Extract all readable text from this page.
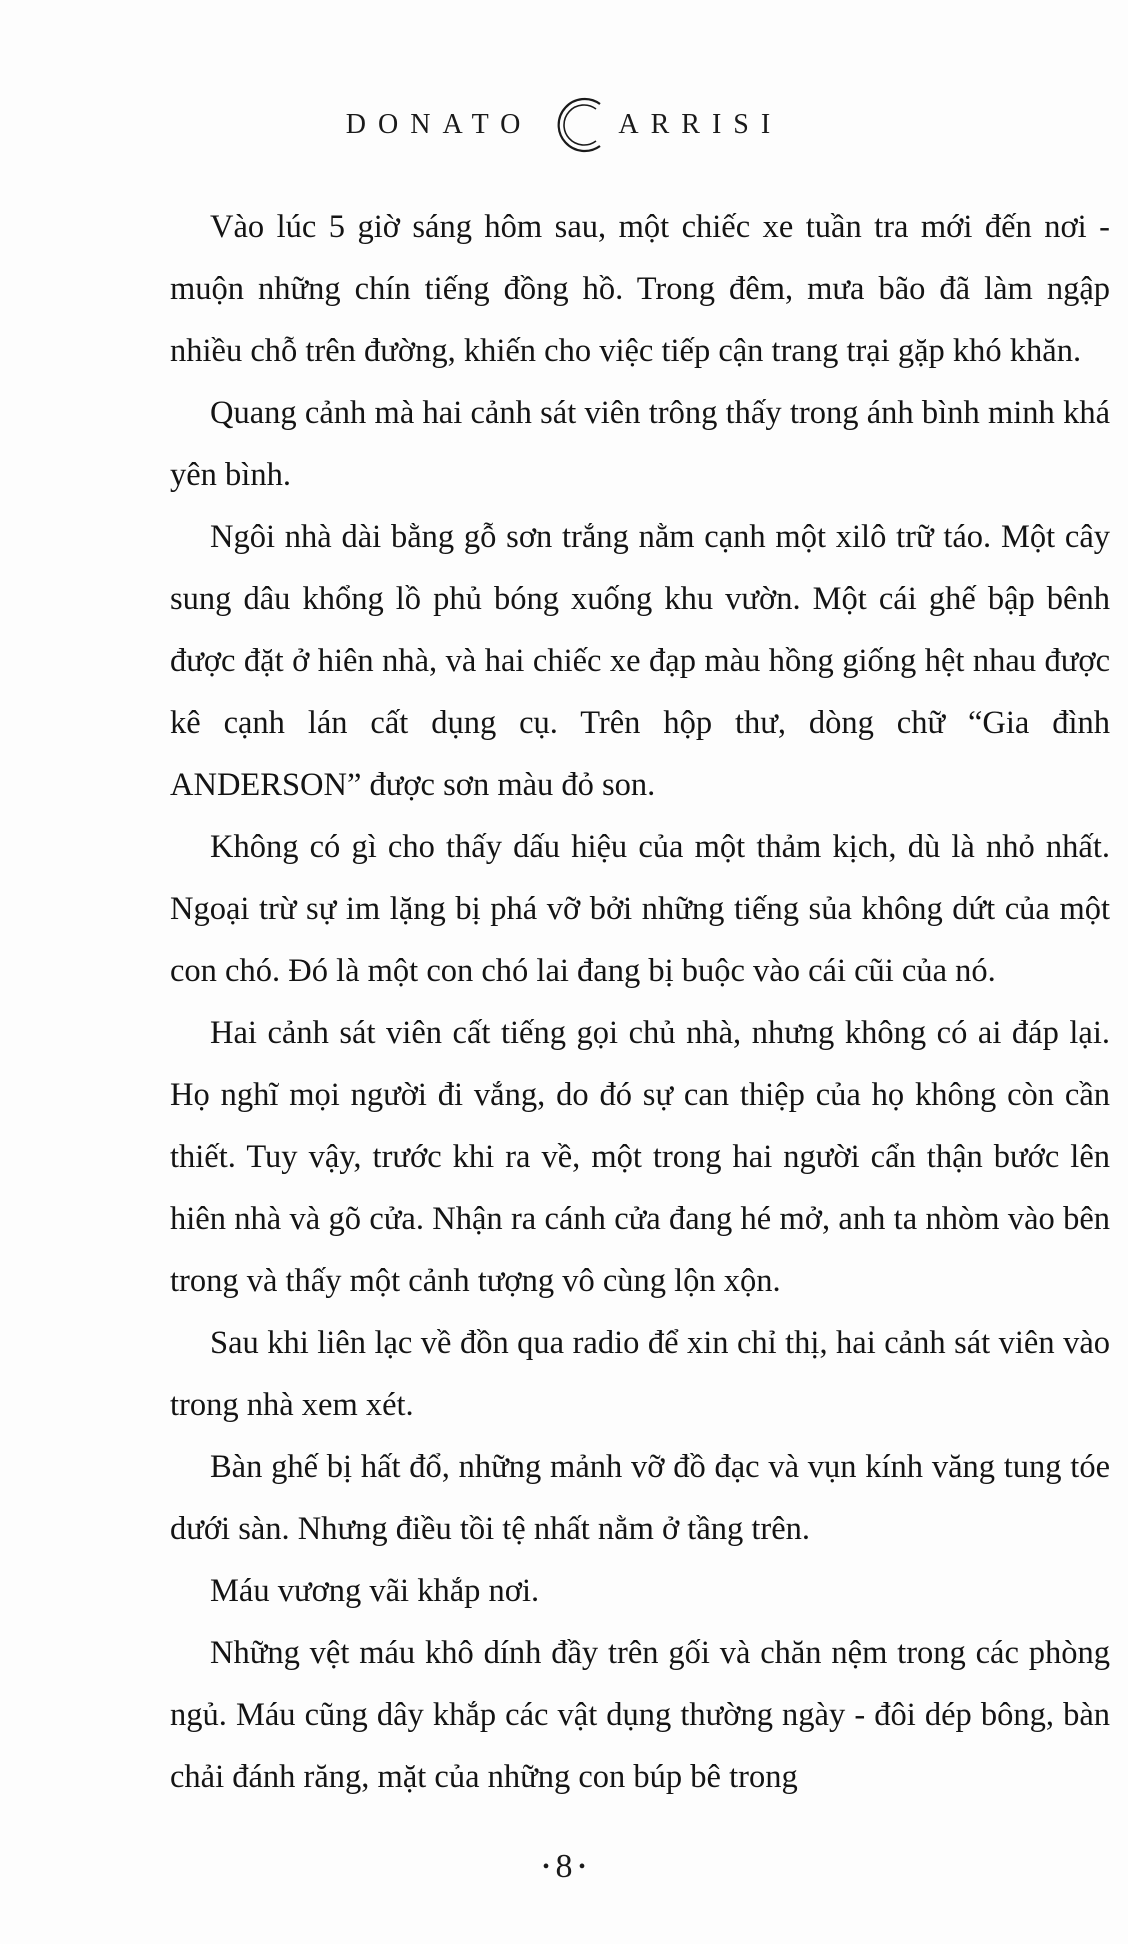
DONATO	ARRISI

Vào lúc 5 giờ sáng hôm sau, một chiếc xe tuần tra mới đến nơi - muộn những chín tiếng đồng hồ. Trong đêm, mưa bão đã làm ngập nhiều chỗ trên đường, khiến cho việc tiếp cận trang trại gặp khó khăn.

Quang cảnh mà hai cảnh sát viên trông thấy trong ánh bình minh khá yên bình.

Ngôi nhà dài bằng gỗ sơn trắng nằm cạnh một xilô trữ táo. Một cây sung dâu khổng lồ phủ bóng xuống khu vườn. Một cái ghế bập bênh được đặt ở hiên nhà, và hai chiếc xe đạp màu hồng giống hệt nhau được kê cạnh lán cất dụng cụ. Trên hộp thư, dòng chữ “Gia đình ANDERSON” được sơn màu đỏ son.

Không có gì cho thấy dấu hiệu của một thảm kịch, dù là nhỏ nhất. Ngoại trừ sự im lặng bị phá vỡ bởi những tiếng sủa không dứt của một con chó. Đó là một con chó lai đang bị buộc vào cái cũi của nó.

Hai cảnh sát viên cất tiếng gọi chủ nhà, nhưng không có ai đáp lại. Họ nghĩ mọi người đi vắng, do đó sự can thiệp của họ không còn cần thiết. Tuy vậy, trước khi ra về, một trong hai người cẩn thận bước lên hiên nhà và gõ cửa. Nhận ra cánh cửa đang hé mở, anh ta nhòm vào bên trong và thấy một cảnh tượng vô cùng lộn xộn.

Sau khi liên lạc về đồn qua radio để xin chỉ thị, hai cảnh sát viên vào trong nhà xem xét.

Bàn ghế bị hất đổ, những mảnh vỡ đồ đạc và vụn kính văng tung tóe dưới sàn. Nhưng điều tồi tệ nhất nằm ở tầng trên.

Máu vương vãi khắp nơi.

Những vệt máu khô dính đầy trên gối và chăn nệm trong các phòng ngủ. Máu cũng dây khắp các vật dụng thường ngày - đôi dép bông, bàn chải đánh răng, mặt của những con búp bê trong

• 8 •
